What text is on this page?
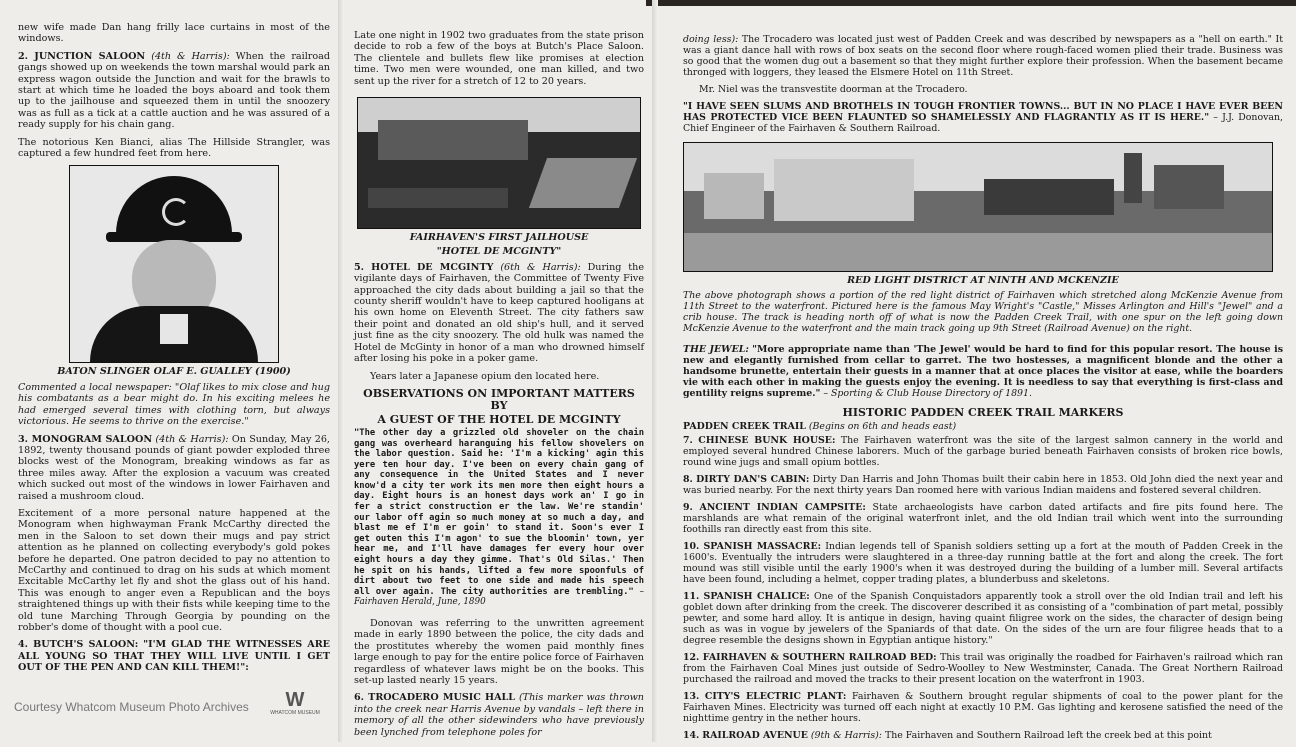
new wife made Dan hang frilly lace curtains in most of the windows.

2. JUNCTION SALOON (4th & Harris): When the railroad gangs showed up on weekends the town marshal would park an express wagon outside the Junction and wait for the brawls to start at which time he loaded the boys aboard and took them up to the jailhouse and squeezed them in until the snoozery was as full as a tick at a cattle auction and he was assured of a ready supply for his chain gang.

The notorious Ken Bianci, alias The Hillside Strangler, was captured a few hundred feet from here.

BATON SLINGER OLAF E. GUALLEY (1900)

Commented a local newspaper: "Olaf likes to mix close and hug his combatants as a bear might do. In his exciting melees he had emerged several times with clothing torn, but always victorious. He seems to thrive on the exercise."

3. MONOGRAM SALOON (4th & Harris): On Sunday, May 26, 1892, twenty thousand pounds of giant powder exploded three blocks west of the Monogram, breaking windows as far as three miles away. After the explosion a vacuum was created which sucked out most of the windows in lower Fairhaven and raised a mushroom cloud.

Excitement of a more personal nature happened at the Monogram when highwayman Frank McCarthy directed the men in the Saloon to set down their mugs and pay strict attention as he planned on collecting everybody's gold pokes before he departed. One patron decided to pay no attention to McCarthy and continued to drag on his suds at which moment Excitable McCarthy let fly and shot the glass out of his hand. This was enough to anger even a Republican and the boys straightened things up with their fists while keeping time to the old tune Marching Through Georgia by pounding on the robber's dome of thought with a pool cue.

4. BUTCH'S SALOON: "I'M GLAD THE WITNESSES ARE ALL YOUNG SO THAT THEY WILL LIVE UNTIL I GET OUT OF THE PEN AND CAN KILL THEM!":

Late one night in 1902 two graduates from the state prison decide to rob a few of the boys at Butch's Place Saloon. The clientele and bullets flew like promises at election time. Two men were wounded, one man killed, and two sent up the river for a stretch of 12 to 20 years.

FAIRHAVEN'S FIRST JAILHOUSE
"HOTEL DE MCGINTY"

5. HOTEL DE MCGINTY (6th & Harris): During the vigilante days of Fairhaven, the Committee of Twenty Five approached the city dads about building a jail so that the county sheriff wouldn't have to keep captured hooligans at his own home on Eleventh Street. The city fathers saw their point and donated an old ship's hull, and it served just fine as the city snoozery. The old hulk was named the Hotel de McGinty in honor of a man who drowned himself after losing his poke in a poker game.

Years later a Japanese opium den located here.

OBSERVATIONS ON IMPORTANT MATTERS BY
A GUEST OF THE HOTEL DE MCGINTY

"The other day a grizzled old shoveler on the chain gang was overheard haranguing his fellow shovelers on the labor question. Said he: 'I'm a kicking' agin this yere ten hour day. I've been on every chain gang of any consequence in the United States and I never know'd a city ter work its men more then eight hours a day. Eight hours is an honest days work an' I go in fer a strict construction er the law. We're standin' our labor off agin so much money at so much a day, and blast me ef I'm er goin' to stand it. Soon's ever I get outen this I'm agon' to sue the bloomin' town, yer hear me, and I'll have damages fer every hour over eight hours a day they gimme. That's Old Silas.' Then he spit on his hands, lifted a few more spoonfuls of dirt about two feet to one side and made his speech all over again. The city authorities are trembling." – Fairhaven Herald, June, 1890

Donovan was referring to the unwritten agreement made in early 1890 between the police, the city dads and the prostitutes whereby the women paid monthly fines large enough to pay for the entire police force of Fairhaven regardless of whatever laws might be on the books. This set-up lasted nearly 15 years.

6. TROCADERO MUSIC HALL (This marker was thrown into the creek near Harris Avenue by vandals – left there in memory of all the other sidewinders who have previously been lynched from telephone poles for

doing less): The Trocadero was located just west of Padden Creek and was described by newspapers as a "hell on earth." It was a giant dance hall with rows of box seats on the second floor where rough-faced women plied their trade. Business was so good that the women dug out a basement so that they might further explore their profession. When the basement became thronged with loggers, they leased the Elsmere Hotel on 11th Street.

Mr. Niel was the transvestite doorman at the Trocadero.

"I HAVE SEEN SLUMS AND BROTHELS IN TOUGH FRONTIER TOWNS... BUT IN NO PLACE I HAVE EVER BEEN HAS PROTECTED VICE BEEN FLAUNTED SO SHAMELESSLY AND FLAGRANTLY AS IT IS HERE." – J.J. Donovan, Chief Engineer of the Fairhaven & Southern Railroad.

RED LIGHT DISTRICT AT NINTH AND MCKENZIE

The above photograph shows a portion of the red light district of Fairhaven which stretched along McKenzie Avenue from 11th Street to the waterfront. Pictured here is the famous May Wright's "Castle," Misses Arlington and Hill's "Jewel" and a crib house. The track is heading north off of what is now the Padden Creek Trail, with one spur on the left going down McKenzie Avenue to the waterfront and the main track going up 9th Street (Railroad Avenue) on the right.

THE JEWEL: "More appropriate name than 'The Jewel' would be hard to find for this popular resort. The house is new and elegantly furnished from cellar to garret. The two hostesses, a magnificent blonde and the other a handsome brunette, entertain their guests in a manner that at once places the visitor at ease, while the boarders vie with each other in making the guests enjoy the evening. It is needless to say that everything is first-class and gentility reigns supreme." – Sporting & Club House Directory of 1891.

HISTORIC PADDEN CREEK TRAIL MARKERS

PADDEN CREEK TRAIL (Begins on 6th and heads east)

7. CHINESE BUNK HOUSE: The Fairhaven waterfront was the site of the largest salmon cannery in the world and employed several hundred Chinese laborers. Much of the garbage buried beneath Fairhaven consists of broken rice bowls, round wine jugs and small opium bottles.

8. DIRTY DAN'S CABIN: Dirty Dan Harris and John Thomas built their cabin here in 1853. Old John died the next year and was buried nearby. For the next thirty years Dan roomed here with various Indian maidens and fostered several children.

9. ANCIENT INDIAN CAMPSITE: State archaeologists have carbon dated artifacts and fire pits found here. The marshlands are what remain of the original waterfront inlet, and the old Indian trail which went into the surrounding foothills ran directly east from this site.

10. SPANISH MASSACRE: Indian legends tell of Spanish soldiers setting up a fort at the mouth of Padden Creek in the 1600's. Eventually the intruders were slaughtered in a three-day running battle at the fort and along the creek. The fort mound was still visible until the early 1900's when it was destroyed during the building of a lumber mill. Several artifacts have been found, including a helmet, copper trading plates, a blunderbuss and skeletons.

11. SPANISH CHALICE: One of the Spanish Conquistadors apparently took a stroll over the old Indian trail and left his goblet down after drinking from the creek. The discoverer described it as consisting of a "combination of part metal, possibly pewter, and some hard alloy. It is antique in design, having quaint filigree work on the sides, the character of design being such as was in vogue by jewelers of the Spaniards of that date. On the sides of the urn are four filigree heads that to a degree resemble the designs shown in Egyptian antique history."

12. FAIRHAVEN & SOUTHERN RAILROAD BED: This trail was originally the roadbed for Fairhaven's railroad which ran from the Fairhaven Coal Mines just outside of Sedro-Woolley to New Westminster, Canada. The Great Northern Railroad purchased the railroad and moved the tracks to their present location on the waterfront in 1903.

13. CITY'S ELECTRIC PLANT: Fairhaven & Southern brought regular shipments of coal to the power plant for the Fairhaven Mines. Electricity was turned off each night at exactly 10 P.M. Gas lighting and kerosene satisfied the need of the nighttime gentry in the nether hours.

14. RAILROAD AVENUE (9th & Harris): The Fairhaven and Southern Railroad left the creek bed at this point

Courtesy Whatcom Museum Photo Archives	W
WHATCOM MUSEUM
